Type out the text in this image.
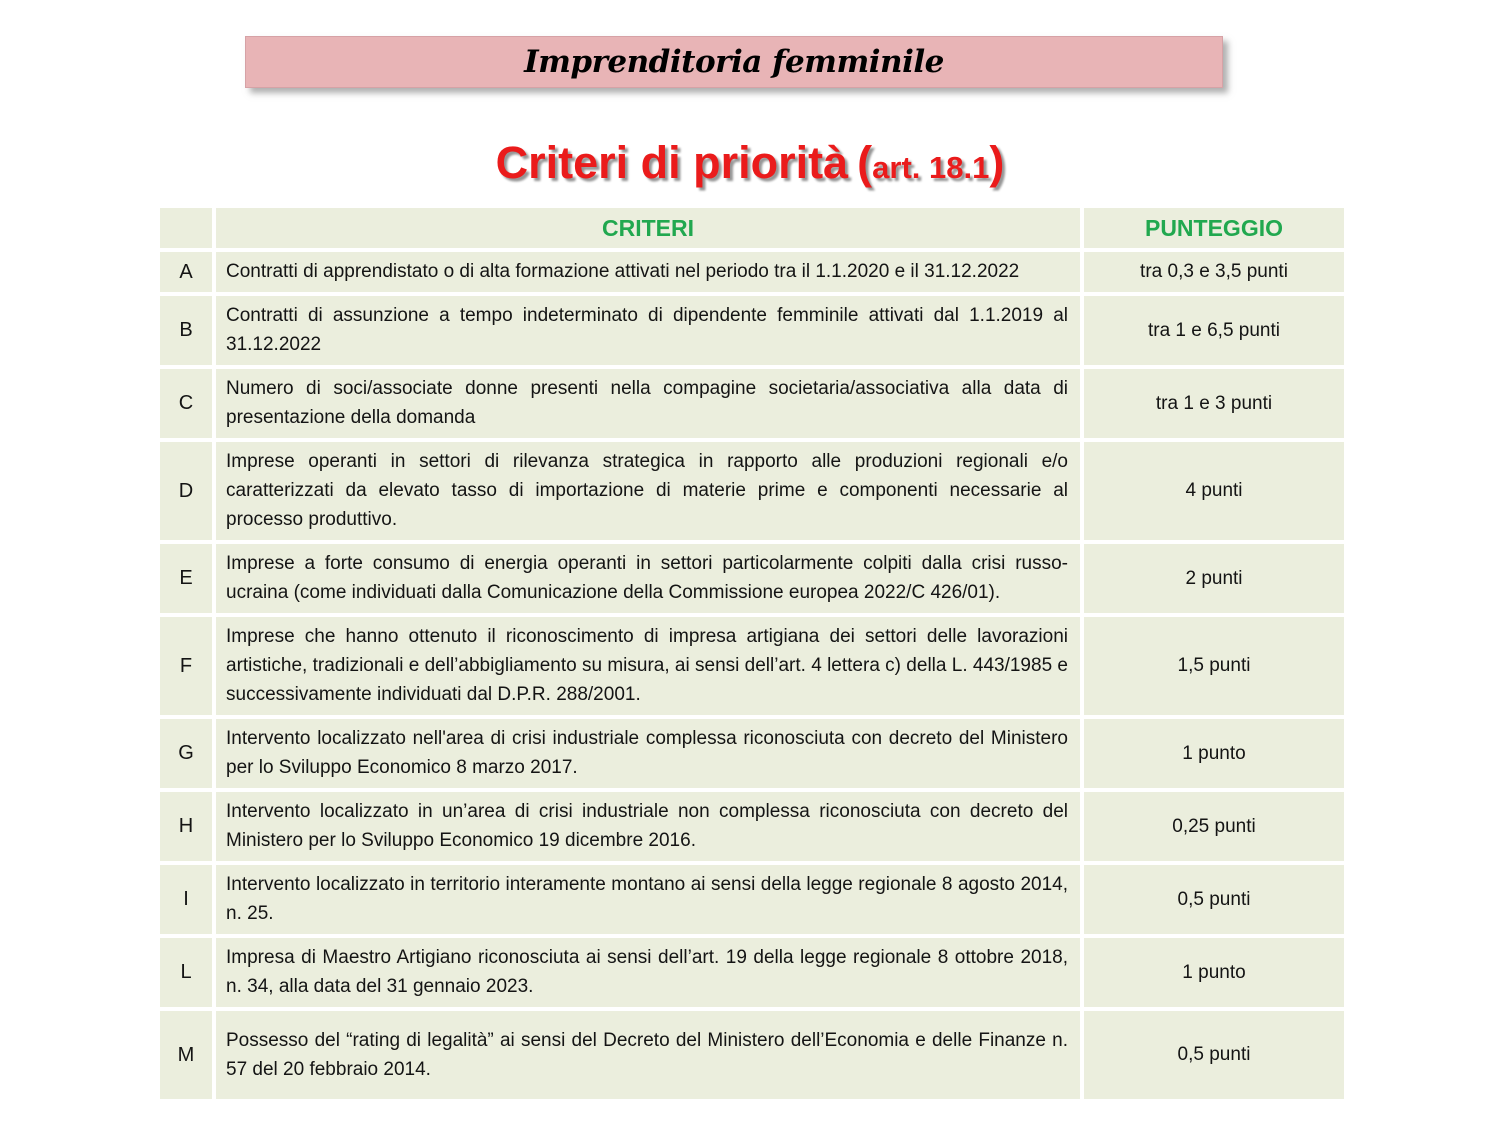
Imprenditoria femminile
Criteri di priorità (art. 18.1)
	CRITERI	PUNTEGGIO
A	Contratti di apprendistato o di alta formazione attivati nel periodo tra il 1.1.2020 e il 31.12.2022	tra 0,3 e 3,5 punti
B	Contratti di assunzione a tempo indeterminato di dipendente femminile attivati dal 1.1.2019 al 31.12.2022	tra 1 e 6,5 punti
C	Numero di soci/associate donne presenti nella compagine societaria/associativa alla data di presentazione della domanda	tra 1 e 3 punti
D	Imprese operanti in settori di rilevanza strategica in rapporto alle produzioni regionali e/o caratterizzati da elevato tasso di importazione di materie prime e componenti necessarie al processo produttivo.	4 punti
E	Imprese a forte consumo di energia operanti in settori particolarmente colpiti dalla crisi russo-ucraina (come individuati dalla Comunicazione della Commissione europea 2022/C 426/01).	2 punti
F	Imprese che hanno ottenuto il riconoscimento di impresa artigiana dei settori delle lavorazioni artistiche, tradizionali e dell’abbigliamento su misura, ai sensi dell’art. 4 lettera c) della L. 443/1985 e successivamente individuati dal D.P.R. 288/2001.	1,5 punti
G	Intervento localizzato nell'area di crisi industriale complessa riconosciuta con decreto del Ministero per lo Sviluppo Economico 8 marzo 2017.	1 punto
H	Intervento localizzato in un’area di crisi industriale non complessa riconosciuta con decreto del Ministero per lo Sviluppo Economico 19 dicembre 2016.	0,25 punti
I	Intervento localizzato in territorio interamente montano ai sensi della legge regionale 8 agosto 2014, n. 25.	0,5 punti
L	Impresa di Maestro Artigiano riconosciuta ai sensi dell’art. 19 della legge regionale 8 ottobre 2018, n. 34, alla data del 31 gennaio 2023.	1 punto
M	Possesso del “rating di legalità” ai sensi del Decreto del Ministero dell’Economia e delle Finanze n. 57 del 20 febbraio 2014.	0,5 punti
